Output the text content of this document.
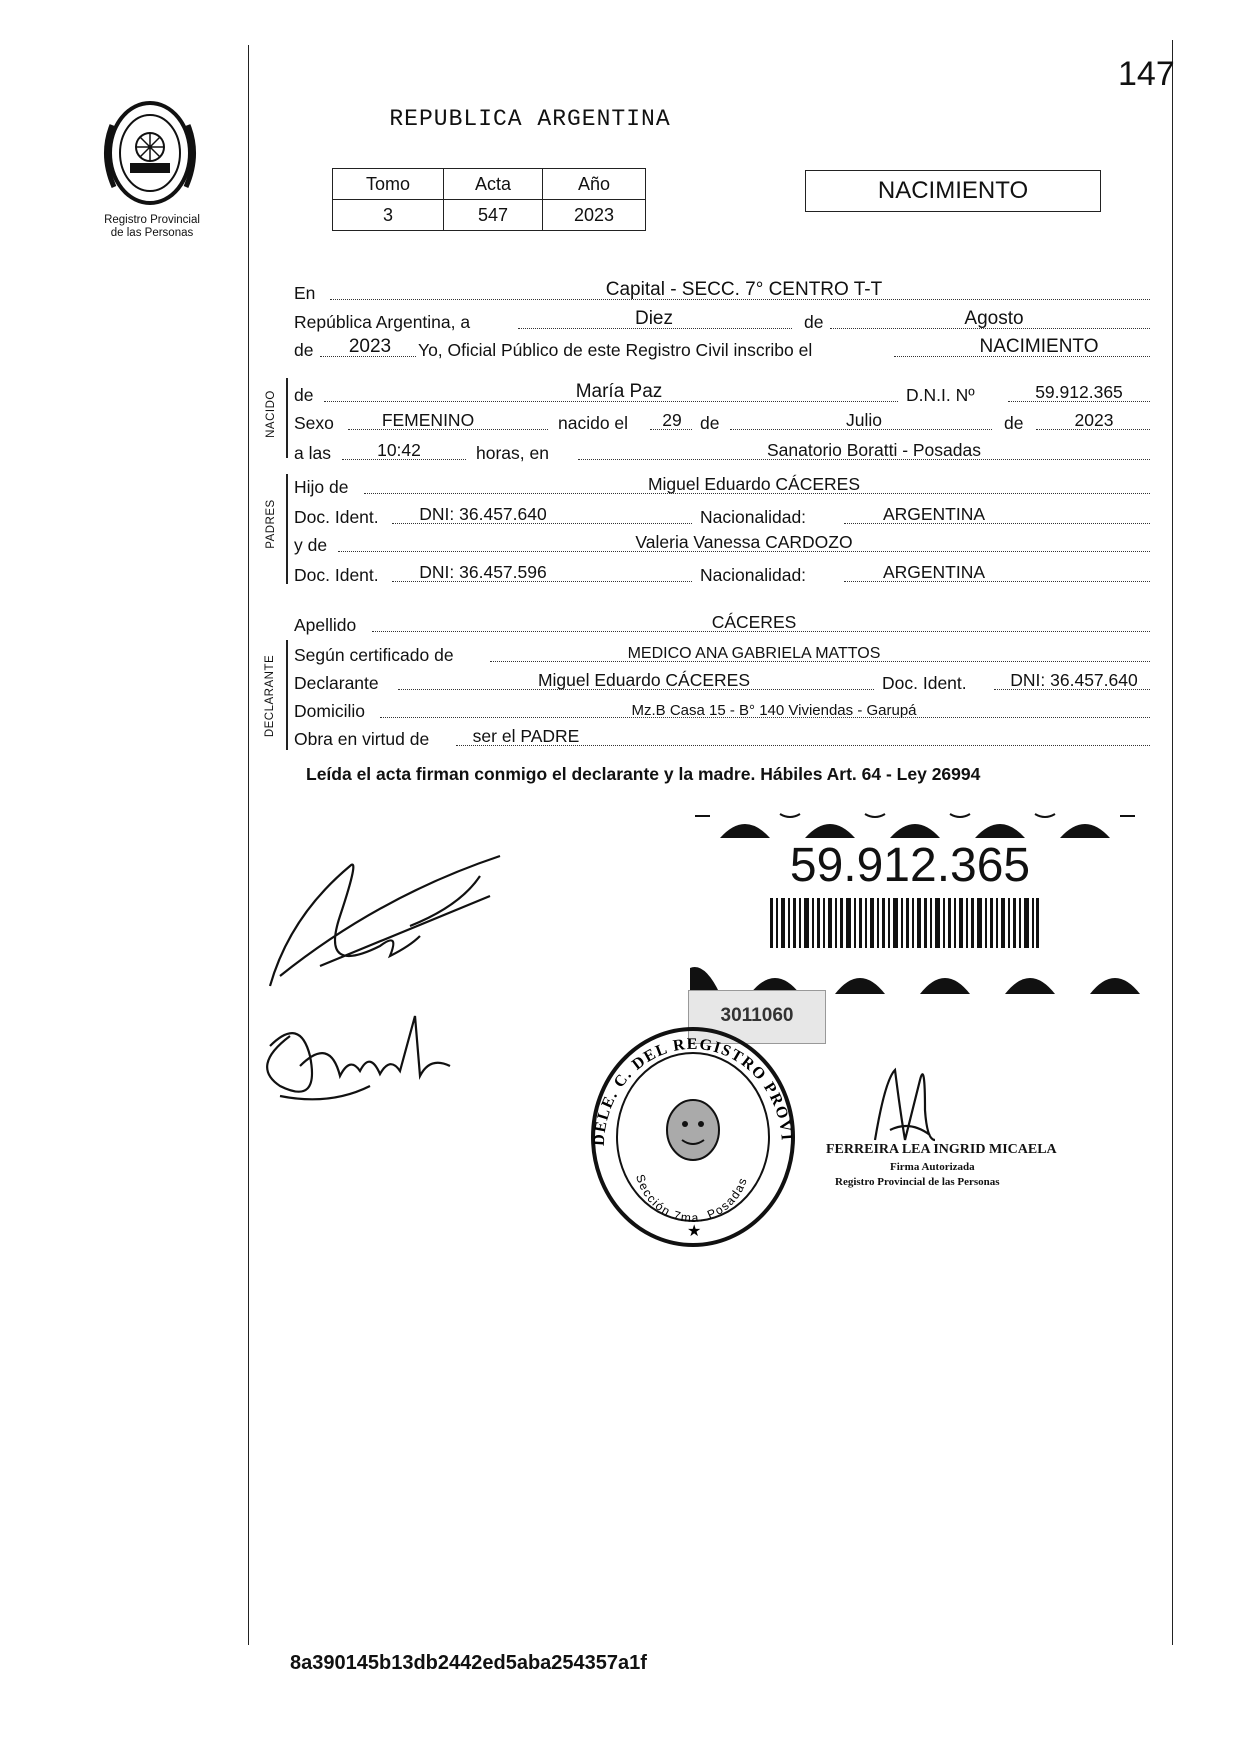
147
Registro Provincial
de las Personas
REPUBLICA ARGENTINA
Tomo	Acta	Año
3	547	2023
NACIMIENTO
En	Capital - SECC. 7° CENTRO T-T
República Argentina, a	Diez	de	Agosto
de	2023	Yo, Oficial Público de este Registro Civil inscribo el	NACIMIENTO
NACIDO de	María Paz	D.N.I. Nº	59.912.365
Sexo	FEMENINO	nacido el	29	de	Julio	de	2023
a las	10:42	horas, en	Sanatorio Boratti - Posadas
PADRES
Hijo de	Miguel Eduardo CÁCERES
Doc. Ident.	DNI: 36.457.640	Nacionalidad:	ARGENTINA
y de	Valeria Vanessa CARDOZO
Doc. Ident.	DNI: 36.457.596	Nacionalidad:	ARGENTINA
Apellido	CÁCERES
DECLARANTE Según certificado de	MEDICO ANA GABRIELA MATTOS
Declarante	Miguel Eduardo CÁCERES	Doc. Ident.	DNI: 36.457.640
Domicilio	Mz.B Casa 15 - B° 140 Viviendas - Garupá
Obra en virtud de	ser el PADRE
Leída el acta firman conmigo el declarante y la madre. Hábiles Art. 64 - Ley 26994
59.912.365
3011060
DELE. C. DEL REGISTRO PROVI
Sección 7ma. Posadas
★
FERREIRA LEA INGRID MICAELA
Firma Autorizada
Registro Provincial de las Personas
8a390145b13db2442ed5aba254357a1f
